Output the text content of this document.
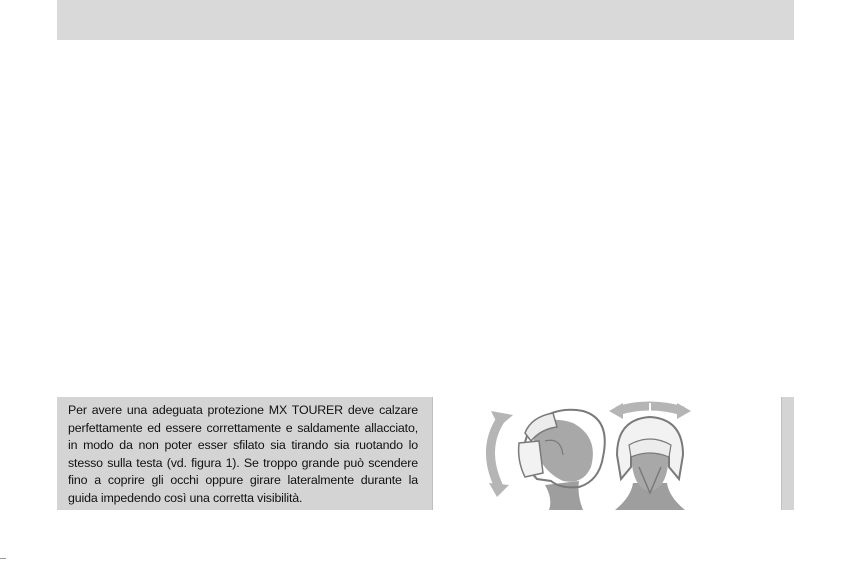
Per avere una adeguata protezione MX TOURER deve calzare perfettamente ed essere correttamente e saldamente allacciato, in modo da non poter esser sfilato sia tirando sia ruotando lo stesso sulla testa (vd. figura 1). Se troppo grande può scendere fino a coprire gli occhi oppure girare lateralmente durante la guida impedendo così una corretta visibilità.
